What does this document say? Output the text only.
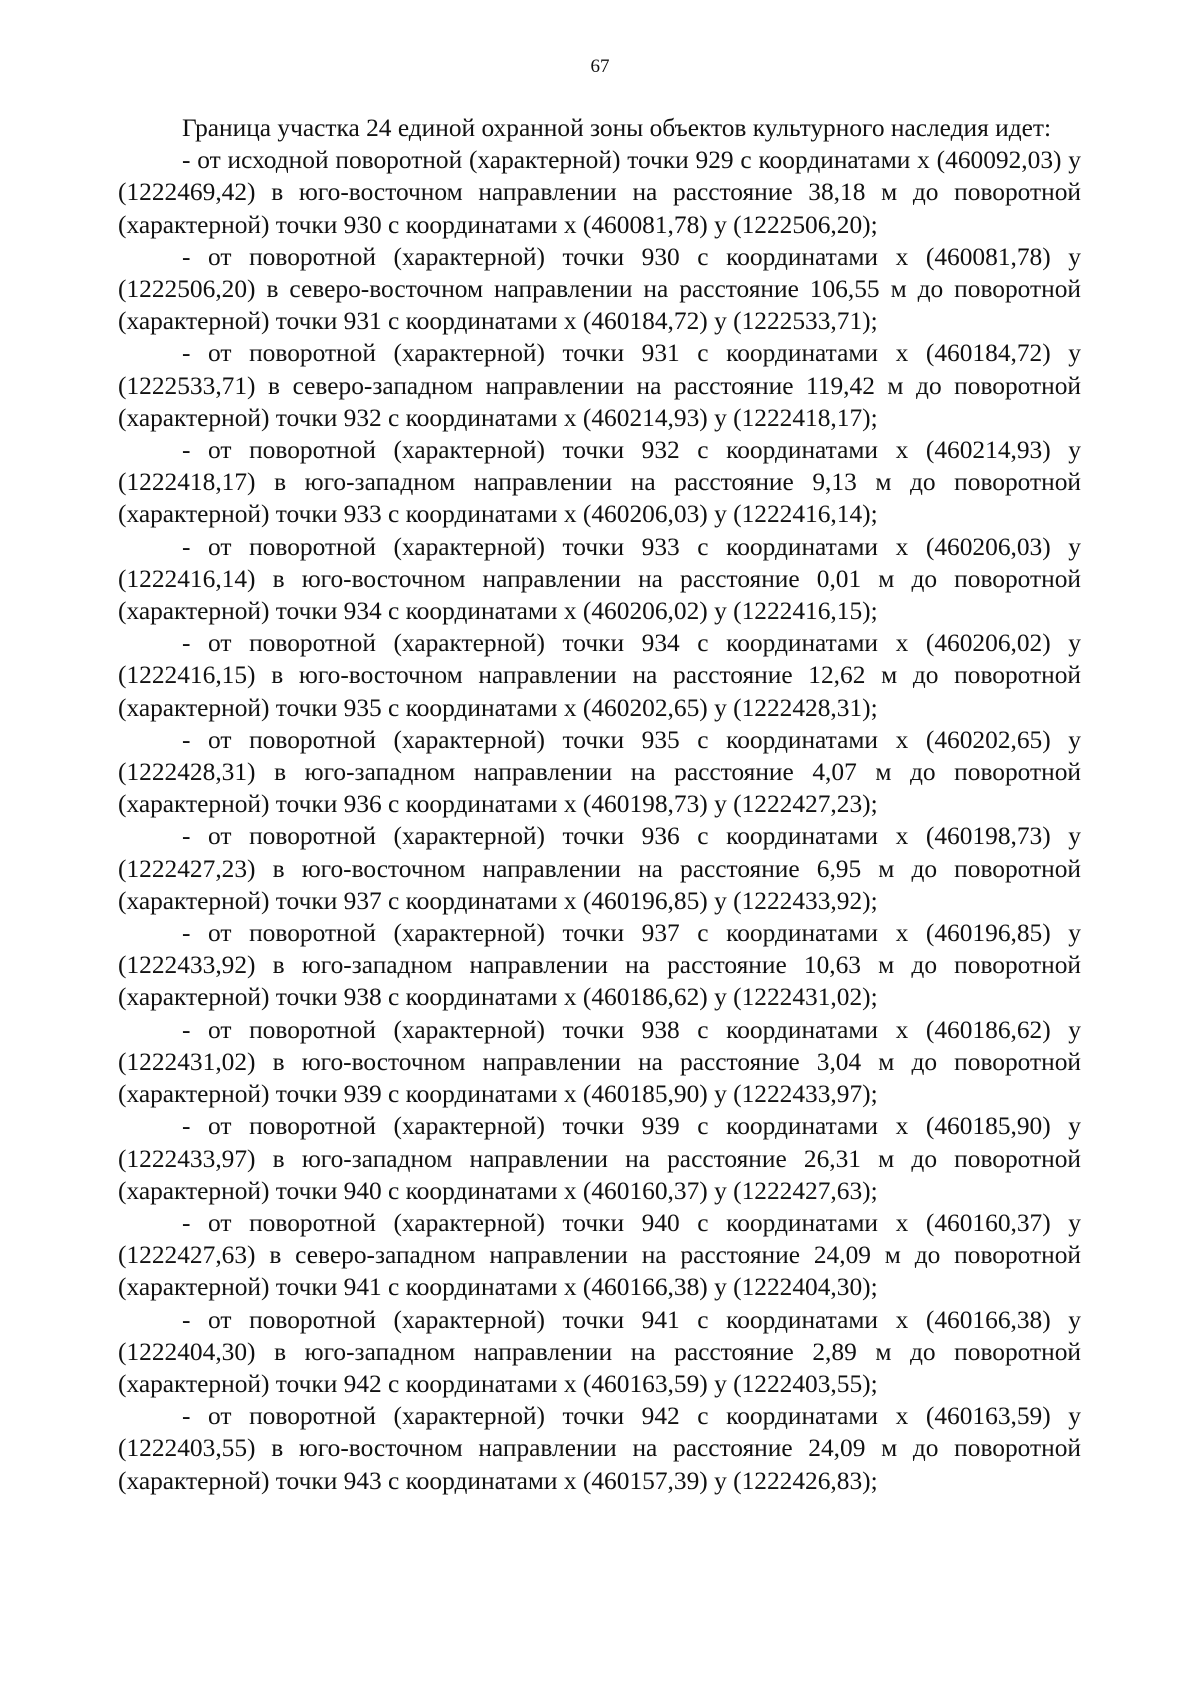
67

Граница участка 24 единой охранной зоны объектов культурного наследия идет:

- от исходной поворотной (характерной) точки 929 с координатами x (460092,03) y (1222469,42) в юго-восточном направлении на расстояние 38,18 м до поворотной (характерной) точки 930 с координатами x (460081,78) y (1222506,20);

- от поворотной (характерной) точки 930 с координатами x (460081,78) y (1222506,20) в северо-восточном направлении на расстояние 106,55 м до поворотной (характерной) точки 931 с координатами x (460184,72) y (1222533,71);

- от поворотной (характерной) точки 931 с координатами x (460184,72) y (1222533,71) в северо-западном направлении на расстояние 119,42 м до поворотной (характерной) точки 932 с координатами x (460214,93) y (1222418,17);

- от поворотной (характерной) точки 932 с координатами x (460214,93) y (1222418,17) в юго-западном направлении на расстояние 9,13 м до поворотной (характерной) точки 933 с координатами x (460206,03) y (1222416,14);

- от поворотной (характерной) точки 933 с координатами x (460206,03) y (1222416,14) в юго-восточном направлении на расстояние 0,01 м до поворотной (характерной) точки 934 с координатами x (460206,02) y (1222416,15);

- от поворотной (характерной) точки 934 с координатами x (460206,02) y (1222416,15) в юго-восточном направлении на расстояние 12,62 м до поворотной (характерной) точки 935 с координатами x (460202,65) y (1222428,31);

- от поворотной (характерной) точки 935 с координатами x (460202,65) y (1222428,31) в юго-западном направлении на расстояние 4,07 м до поворотной (характерной) точки 936 с координатами x (460198,73) y (1222427,23);

- от поворотной (характерной) точки 936 с координатами x (460198,73) y (1222427,23) в юго-восточном направлении на расстояние 6,95 м до поворотной (характерной) точки 937 с координатами x (460196,85) y (1222433,92);

- от поворотной (характерной) точки 937 с координатами x (460196,85) y (1222433,92) в юго-западном направлении на расстояние 10,63 м до поворотной (характерной) точки 938 с координатами x (460186,62) y (1222431,02);

- от поворотной (характерной) точки 938 с координатами x (460186,62) y (1222431,02) в юго-восточном направлении на расстояние 3,04 м до поворотной (характерной) точки 939 с координатами x (460185,90) y (1222433,97);

- от поворотной (характерной) точки 939 с координатами x (460185,90) y (1222433,97) в юго-западном направлении на расстояние 26,31 м до поворотной (характерной) точки 940 с координатами x (460160,37) y (1222427,63);

- от поворотной (характерной) точки 940 с координатами x (460160,37) y (1222427,63) в северо-западном направлении на расстояние 24,09 м до поворотной (характерной) точки 941 с координатами x (460166,38) y (1222404,30);

- от поворотной (характерной) точки 941 с координатами x (460166,38) y (1222404,30) в юго-западном направлении на расстояние 2,89 м до поворотной (характерной) точки 942 с координатами x (460163,59) y (1222403,55);

- от поворотной (характерной) точки 942 с координатами x (460163,59) y (1222403,55) в юго-восточном направлении на расстояние 24,09 м до поворотной (характерной) точки 943 с координатами x (460157,39) y (1222426,83);
